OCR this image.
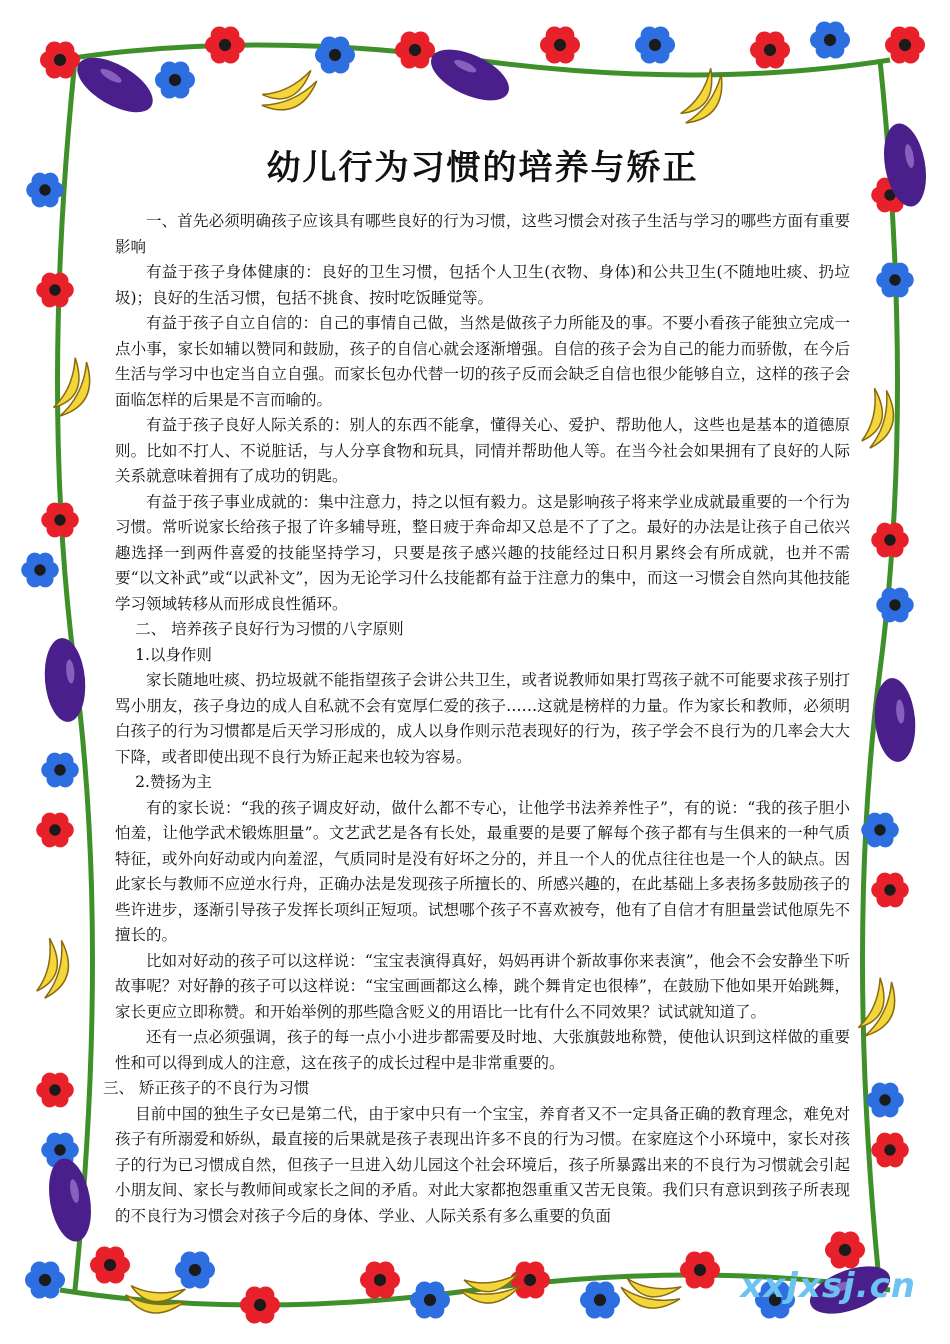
幼儿行为习惯的培养与矫正

一、首先必须明确孩子应该具有哪些良好的行为习惯，这些习惯会对孩子生活与学习的哪些方面有重要影响

有益于孩子身体健康的：良好的卫生习惯，包括个人卫生(衣物、身体)和公共卫生(不随地吐痰、扔垃圾)；良好的生活习惯，包括不挑食、按时吃饭睡觉等。

有益于孩子自立自信的：自己的事情自己做，当然是做孩子力所能及的事。不要小看孩子能独立完成一点小事，家长如辅以赞同和鼓励，孩子的自信心就会逐渐增强。自信的孩子会为自己的能力而骄傲，在今后生活与学习中也定当自立自强。而家长包办代替一切的孩子反而会缺乏自信也很少能够自立，这样的孩子会面临怎样的后果是不言而喻的。

有益于孩子良好人际关系的：别人的东西不能拿，懂得关心、爱护、帮助他人，这些也是基本的道德原则。比如不打人、不说脏话，与人分享食物和玩具，同情并帮助他人等。在当今社会如果拥有了良好的人际关系就意味着拥有了成功的钥匙。

有益于孩子事业成就的：集中注意力，持之以恒有毅力。这是影响孩子将来学业成就最重要的一个行为习惯。常听说家长给孩子报了许多辅导班，整日疲于奔命却又总是不了了之。最好的办法是让孩子自己依兴趣选择一到两件喜爱的技能坚持学习，只要是孩子感兴趣的技能经过日积月累终会有所成就，也并不需要“以文补武”或“以武补文”，因为无论学习什么技能都有益于注意力的集中，而这一习惯会自然向其他技能学习领域转移从而形成良性循环。

二、 培养孩子良好行为习惯的八字原则

1.以身作则

家长随地吐痰、扔垃圾就不能指望孩子会讲公共卫生，或者说教师如果打骂孩子就不可能要求孩子别打骂小朋友，孩子身边的成人自私就不会有宽厚仁爱的孩子……这就是榜样的力量。作为家长和教师，必须明白孩子的行为习惯都是后天学习形成的，成人以身作则示范表现好的行为，孩子学会不良行为的几率会大大下降，或者即使出现不良行为矫正起来也较为容易。

2.赞扬为主

有的家长说：“我的孩子调皮好动，做什么都不专心，让他学书法养养性子”，有的说：“我的孩子胆小怕羞，让他学武术锻炼胆量”。文艺武艺是各有长处，最重要的是要了解每个孩子都有与生俱来的一种气质特征，或外向好动或内向羞涩，气质同时是没有好坏之分的，并且一个人的优点往往也是一个人的缺点。因此家长与教师不应逆水行舟，正确办法是发现孩子所擅长的、所感兴趣的，在此基础上多表扬多鼓励孩子的些许进步，逐渐引导孩子发挥长项纠正短项。试想哪个孩子不喜欢被夸，他有了自信才有胆量尝试他原先不擅长的。

比如对好动的孩子可以这样说：“宝宝表演得真好，妈妈再讲个新故事你来表演”，他会不会安静坐下听故事呢？对好静的孩子可以这样说：“宝宝画画都这么棒，跳个舞肯定也很棒”，在鼓励下他如果开始跳舞，家长更应立即称赞。和开始举例的那些隐含贬义的用语比一比有什么不同效果？试试就知道了。

还有一点必须强调，孩子的每一点小小进步都需要及时地、大张旗鼓地称赞，使他认识到这样做的重要性和可以得到成人的注意，这在孩子的成长过程中是非常重要的。

三、 矫正孩子的不良行为习惯

目前中国的独生子女已是第二代，由于家中只有一个宝宝，养育者又不一定具备正确的教育理念，难免对孩子有所溺爱和娇纵，最直接的后果就是孩子表现出许多不良的行为习惯。在家庭这个小环境中，家长对孩子的行为已习惯成自然，但孩子一旦进入幼儿园这个社会环境后，孩子所暴露出来的不良行为习惯就会引起小朋友间、家长与教师间或家长之间的矛盾。对此大家都抱怨重重又苦无良策。我们只有意识到孩子所表现的不良行为习惯会对孩子今后的身体、学业、人际关系有多么重要的负面

xxjxsj.cn
